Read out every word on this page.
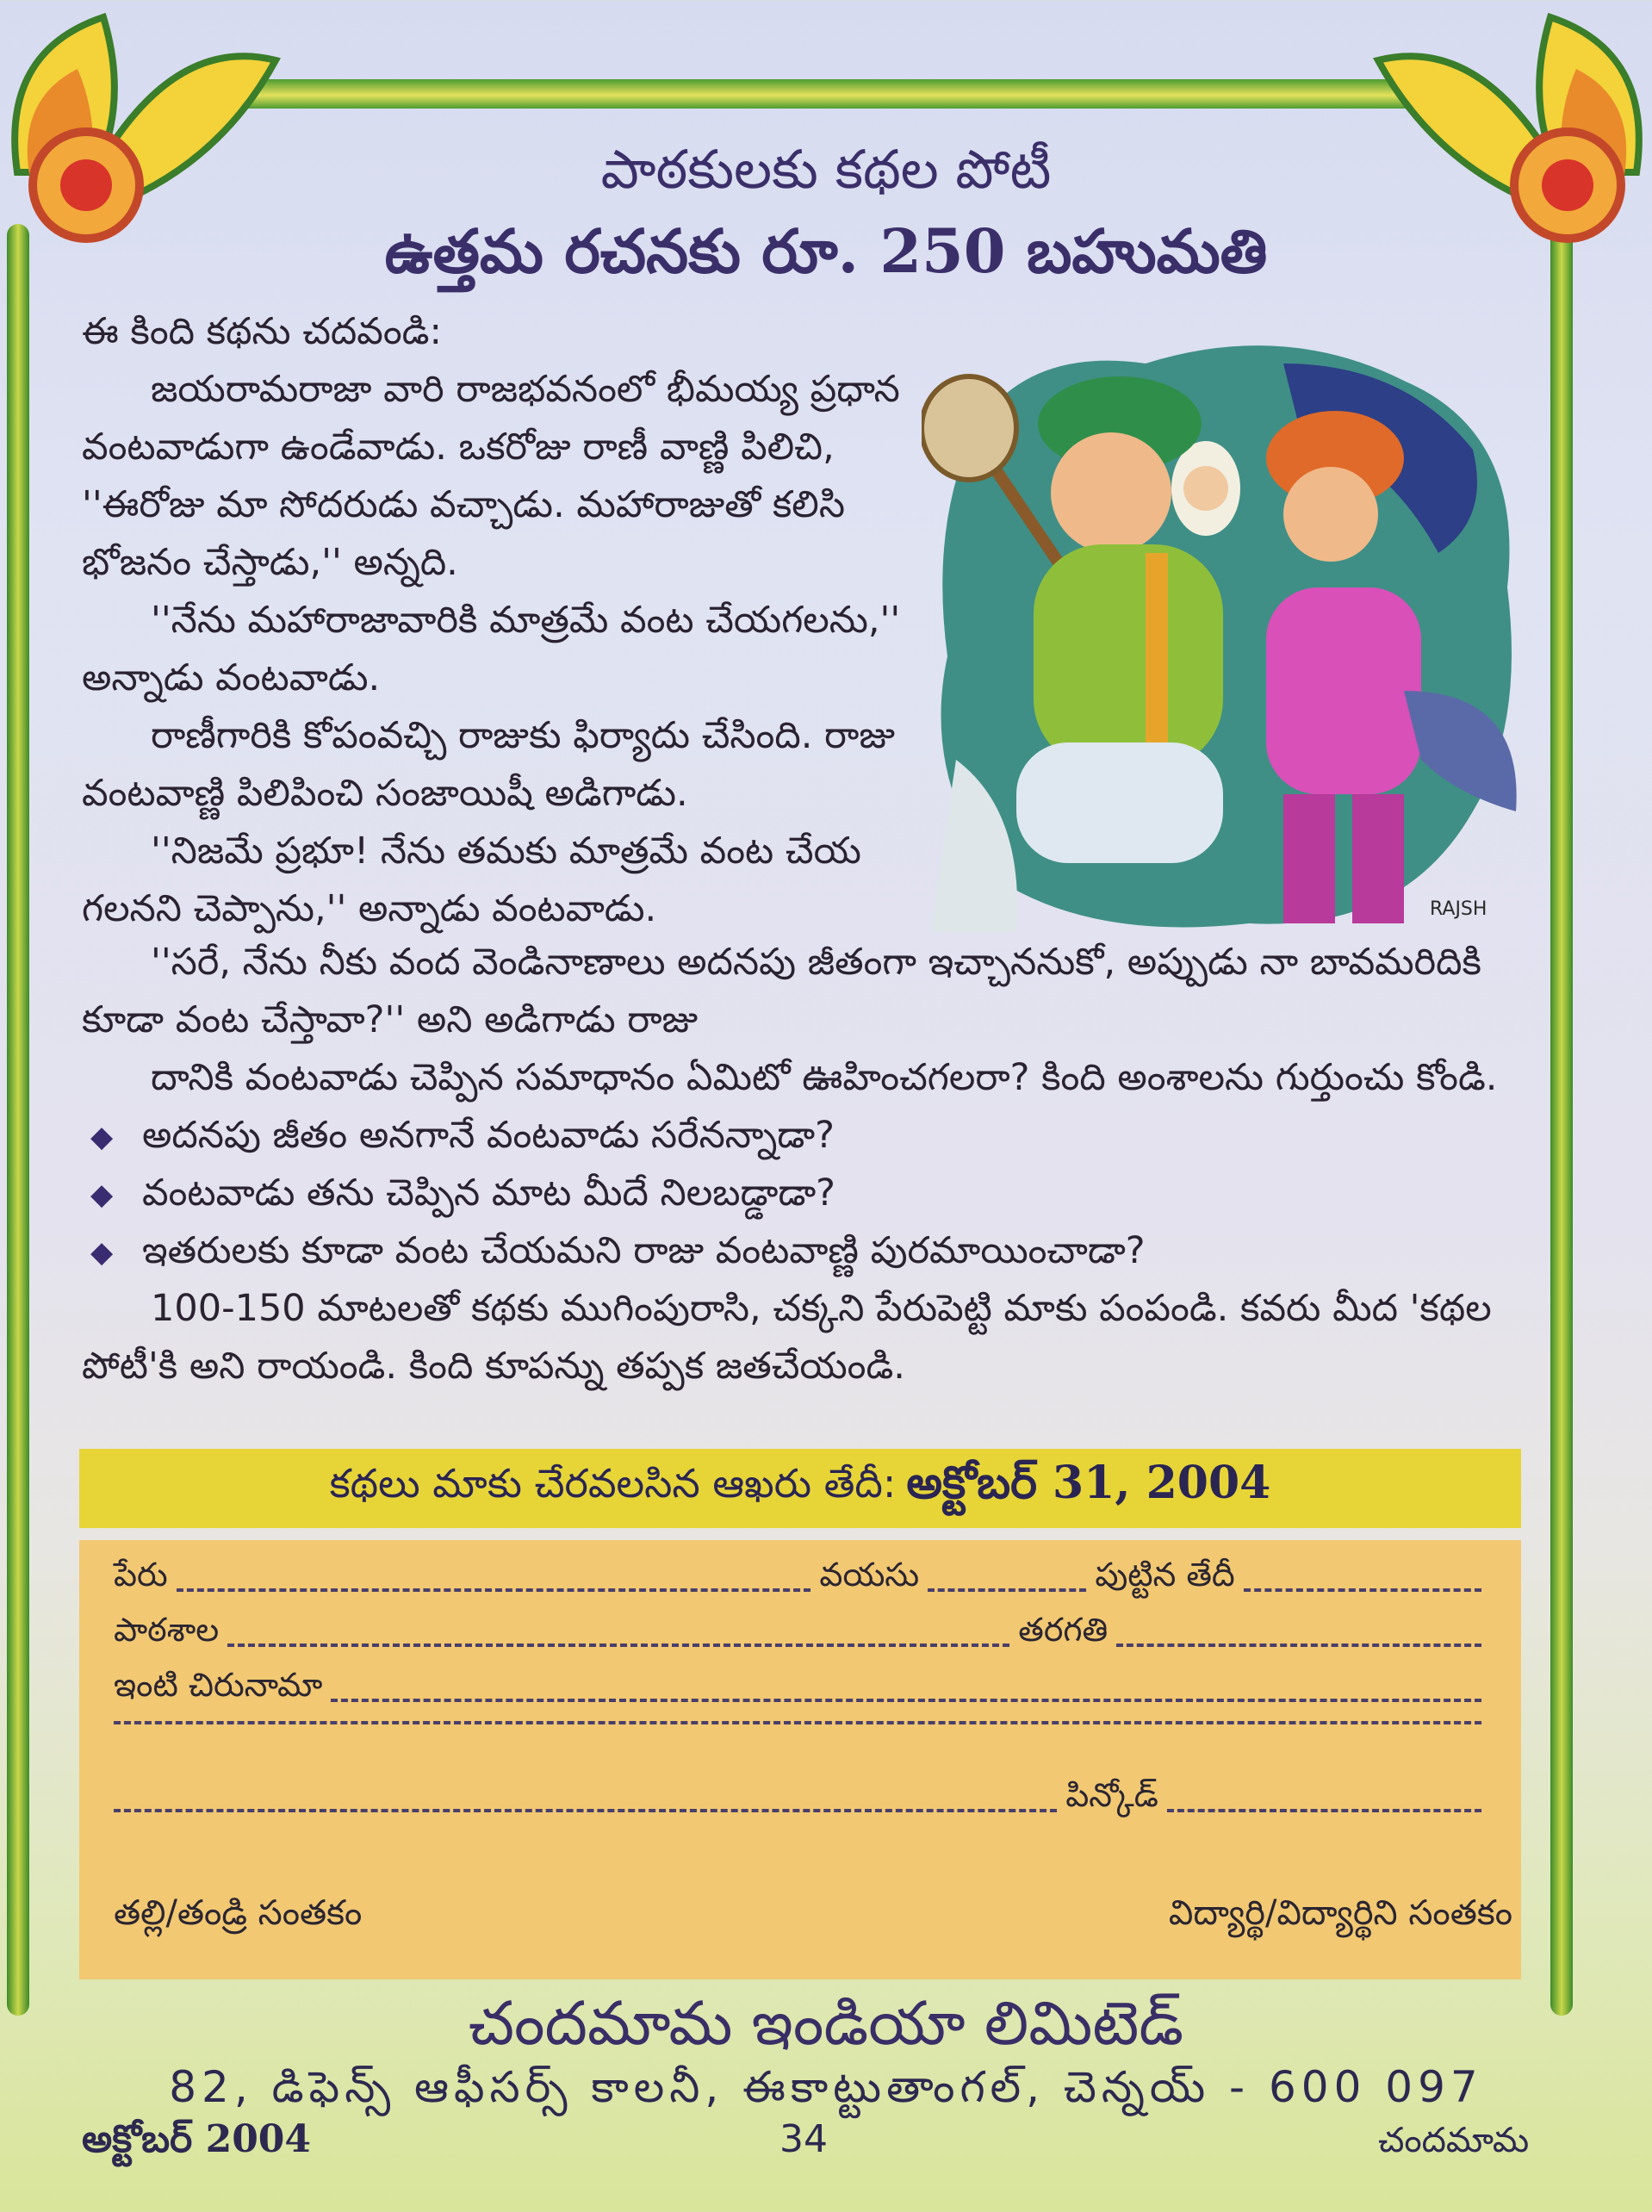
పాఠకులకు కథల పోటీ
ఉత్తమ రచనకు రూ. 250 బహుమతి

ఈ కింది కథను చదవండి:

జయరామరాజా వారి రాజభవనంలో భీమయ్య ప్రధాన వంటవాడుగా ఉండేవాడు. ఒకరోజు రాణీ వాణ్ణి పిలిచి, ''ఈరోజు మా సోదరుడు వచ్చాడు. మహారాజుతో కలిసి భోజనం చేస్తాడు,'' అన్నది.

''నేను మహారాజావారికి మాత్రమే వంట చేయగలను,'' అన్నాడు వంటవాడు.

రాణీగారికి కోపంవచ్చి రాజుకు ఫిర్యాదు చేసింది. రాజు వంటవాణ్ణి పిలిపించి సంజాయిషీ అడిగాడు.

''నిజమే ప్రభూ! నేను తమకు మాత్రమే వంట చేయ గలనని చెప్పాను,'' అన్నాడు వంటవాడు.

''సరే, నేను నీకు వంద వెండినాణాలు అదనపు జీతంగా ఇచ్చాననుకో, అప్పుడు నా బావమరిదికి కూడా వంట చేస్తావా?'' అని అడిగాడు రాజు

దానికి వంటవాడు చెప్పిన సమాధానం ఏమిటో ఊహించగలరా? కింది అంశాలను గుర్తుంచు కోండి.

◆ అదనపు జీతం అనగానే వంటవాడు సరేనన్నాడా?
◆ వంటవాడు తను చెప్పిన మాట మీదే నిలబడ్డాడా?
◆ ఇతరులకు కూడా వంట చేయమని రాజు వంటవాణ్ణి పురమాయించాడా?

100-150 మాటలతో కథకు ముగింపురాసి, చక్కని పేరుపెట్టి మాకు పంపండి. కవరు మీద 'కథల పోటీ'కి అని రాయండి. కింది కూపన్ను తప్పక జతచేయండి.

RAJSH
కథలు మాకు చేరవలసిన ఆఖరు తేదీ: అక్టోబర్ 31, 2004
పేరు	వయసు	పుట్టిన తేదీ
పాఠశాల	తరగతి
ఇంటి చిరునామా
పిన్కోడ్
తల్లి/తండ్రి సంతకం	విద్యార్థి/విద్యార్థిని సంతకం
చందమామ ఇండియా లిమిటెడ్
82, డిఫెన్స్ ఆఫీసర్స్ కాలనీ, ఈకాట్టుతాంగల్, చెన్నయ్ - 600 097
అక్టోబర్ 2004	34	చందమామ
